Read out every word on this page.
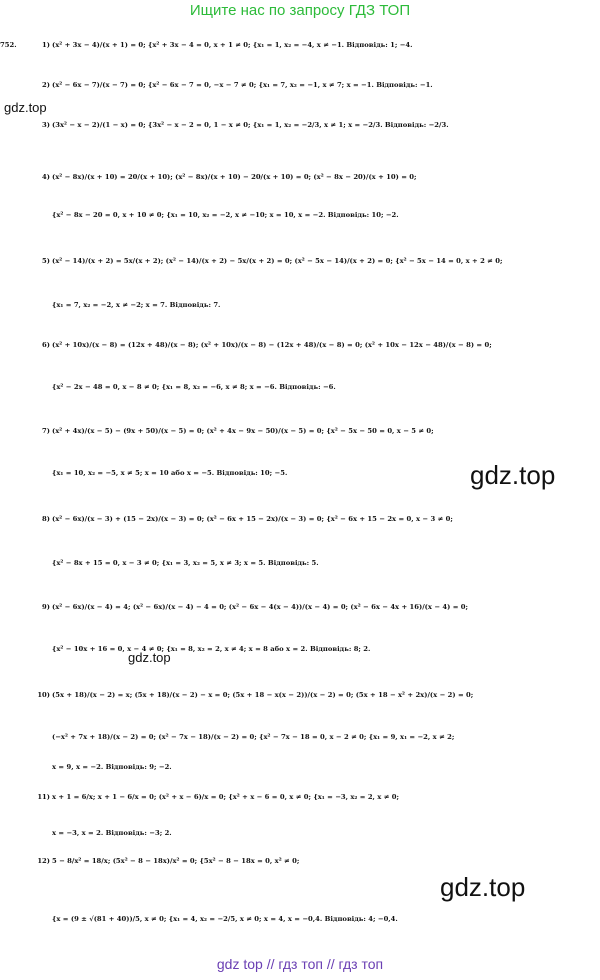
Ищите нас по запросу ГДЗ ТОП
752.	1) (x² + 3x − 4)/(x + 1) = 0; {x² + 3x − 4 = 0, x + 1 ≠ 0; {x₁ = 1, x₂ = −4, x ≠ −1. Відповідь: 1; −4.
2) (x² − 6x − 7)/(x − 7) = 0; {x² − 6x − 7 = 0, −x − 7 ≠ 0; {x₁ = 7, x₂ = −1, x ≠ 7; x = −1. Відповідь: −1.
3) (3x² − x − 2)/(1 − x) = 0; {3x² − x − 2 = 0, 1 − x ≠ 0; {x₁ = 1, x₂ = −2/3, x ≠ 1; x = −2/3. Відповідь: −2/3.
4) (x² − 8x)/(x + 10) = 20/(x + 10); (x² − 8x)/(x + 10) − 20/(x + 10) = 0; (x² − 8x − 20)/(x + 10) = 0;
{x² − 8x − 20 = 0, x + 10 ≠ 0; {x₁ = 10, x₂ = −2, x ≠ −10; x = 10, x = −2. Відповідь: 10; −2.
5) (x² − 14)/(x + 2) = 5x/(x + 2); (x² − 14)/(x + 2) − 5x/(x + 2) = 0; (x² − 5x − 14)/(x + 2) = 0; {x² − 5x − 14 = 0, x + 2 ≠ 0;
{x₁ = 7, x₂ = −2, x ≠ −2; x = 7. Відповідь: 7.
6) (x² + 10x)/(x − 8) = (12x + 48)/(x − 8); (x² + 10x)/(x − 8) − (12x + 48)/(x − 8) = 0; (x² + 10x − 12x − 48)/(x − 8) = 0;
{x² − 2x − 48 = 0, x − 8 ≠ 0; {x₁ = 8, x₂ = −6, x ≠ 8; x = −6. Відповідь: −6.
7) (x² + 4x)/(x − 5) − (9x + 50)/(x − 5) = 0; (x² + 4x − 9x − 50)/(x − 5) = 0; {x² − 5x − 50 = 0, x − 5 ≠ 0;
{x₁ = 10, x₂ = −5, x ≠ 5; x = 10 або x = −5. Відповідь: 10; −5.
8) (x² − 6x)/(x − 3) + (15 − 2x)/(x − 3) = 0; (x² − 6x + 15 − 2x)/(x − 3) = 0; {x² − 6x + 15 − 2x = 0, x − 3 ≠ 0;
{x² − 8x + 15 = 0, x − 3 ≠ 0; {x₁ = 3, x₂ = 5, x ≠ 3; x = 5. Відповідь: 5.
9) (x² − 6x)/(x − 4) = 4; (x² − 6x)/(x − 4) − 4 = 0; (x² − 6x − 4(x − 4))/(x − 4) = 0; (x² − 6x − 4x + 16)/(x − 4) = 0;
{x² − 10x + 16 = 0, x − 4 ≠ 0; {x₁ = 8, x₂ = 2, x ≠ 4; x = 8 або x = 2. Відповідь: 8; 2.
10) (5x + 18)/(x − 2) = x; (5x + 18)/(x − 2) − x = 0; (5x + 18 − x(x − 2))/(x − 2) = 0; (5x + 18 − x² + 2x)/(x − 2) = 0;
(−x² + 7x + 18)/(x − 2) = 0; (x² − 7x − 18)/(x − 2) = 0; {x² − 7x − 18 = 0, x − 2 ≠ 0; {x₁ = 9, x₁ = −2, x ≠ 2;
x = 9, x = −2. Відповідь: 9; −2.
11) x + 1 = 6/x; x + 1 − 6/x = 0; (x² + x − 6)/x = 0; {x² + x − 6 = 0, x ≠ 0; {x₁ = −3, x₂ = 2, x ≠ 0;
x = −3, x = 2. Відповідь: −3; 2.
12) 5 − 8/x² = 18/x; (5x² − 8 − 18x)/x² = 0; {5x² − 8 − 18x = 0, x² ≠ 0;
{x = (9 ± √(81 + 40))/5, x ≠ 0; {x₁ = 4, x₂ = −2/5, x ≠ 0; x = 4, x = −0,4. Відповідь: 4; −0,4.
gdz.top
gdz.top
gdz.top
gdz.top
gdz top // гдз топ // гдз топ
